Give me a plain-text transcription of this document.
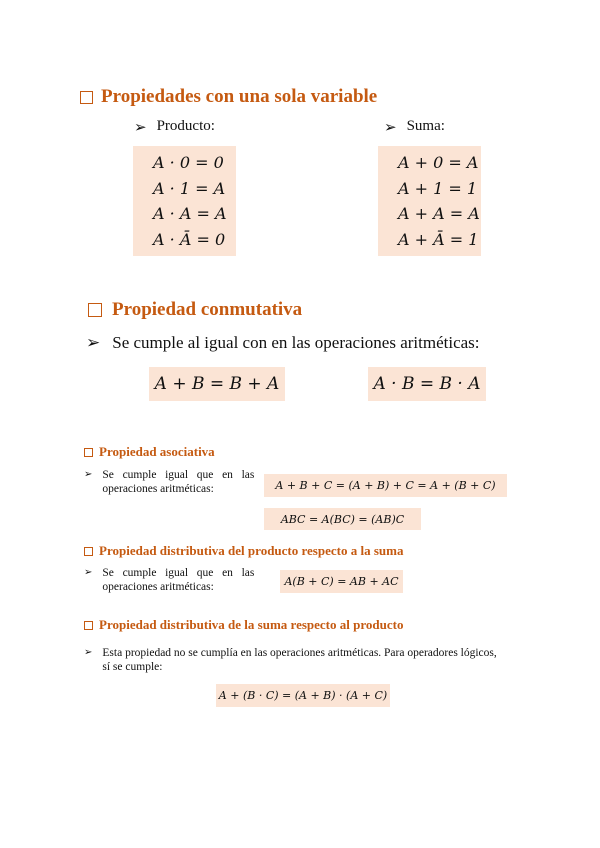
Propiedades con una sola variable
➢ Producto:	➢ Suma:
A · 0 = 0
A · 1 = A
A · A = A
A · Ā = 0
A + 0 = A
A + 1 = 1
A + A = A
A + Ā = 1
Propiedad conmutativa
➢ Se cumple al igual con en las operaciones aritméticas:
A + B = B + A	A · B = B · A
Propiedad asociativa
➢ Se cumple igual que en las
operaciones aritméticas:	A + B + C = (A + B) + C = A + (B + C)
ABC = A(BC) = (AB)C
Propiedad distributiva del producto respecto a la suma
➢ Se cumple igual que en las
operaciones aritméticas:	A(B + C) = AB + AC
Propiedad distributiva de la suma respecto al producto
➢ Esta propiedad no se cumplía en las operaciones aritméticas. Para operadores lógicos,
sí se cumple:
A + (B · C) = (A + B) · (A + C)
